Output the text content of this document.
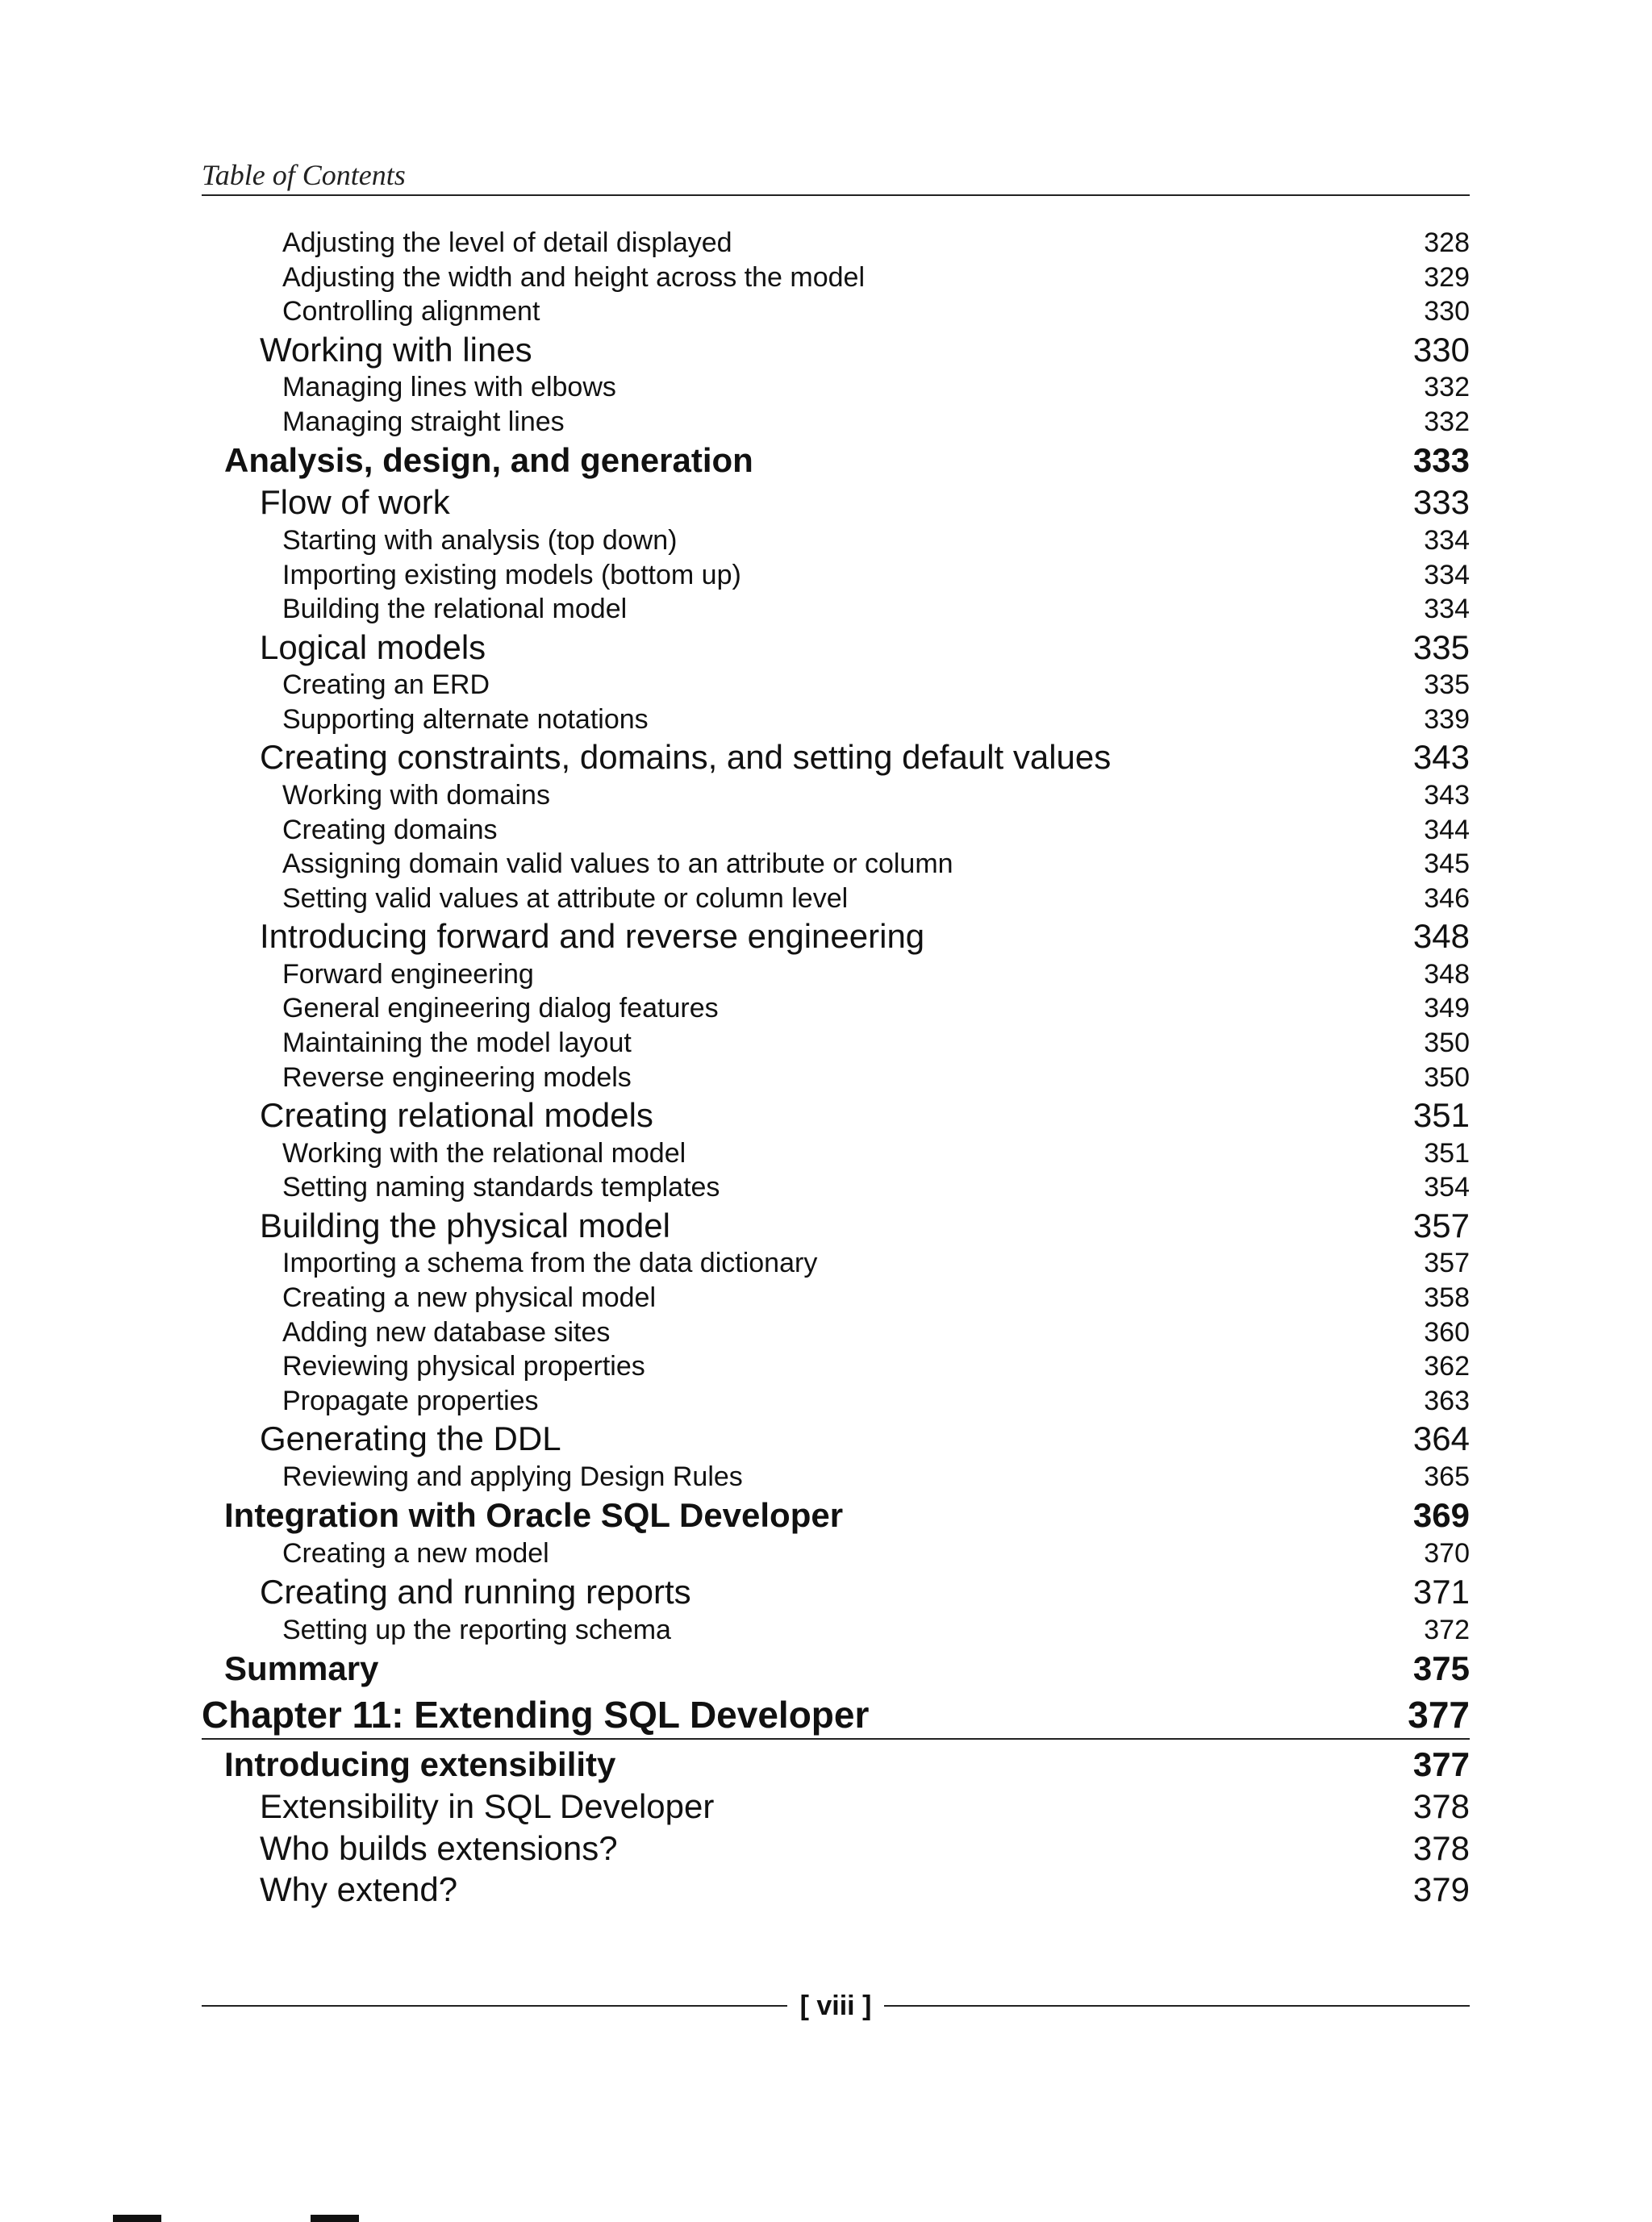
Table of Contents
Adjusting the level of detail displayed	328
Adjusting the width and height across the model	329
Controlling alignment	330
Working with lines	330
Managing lines with elbows	332
Managing straight lines	332
Analysis, design, and generation	333
Flow of work	333
Starting with analysis (top down)	334
Importing existing models (bottom up)	334
Building the relational model	334
Logical models	335
Creating an ERD	335
Supporting alternate notations	339
Creating constraints, domains, and setting default values	343
Working with domains	343
Creating domains	344
Assigning domain valid values to an attribute or column	345
Setting valid values at attribute or column level	346
Introducing forward and reverse engineering	348
Forward engineering	348
General engineering dialog features	349
Maintaining the model layout	350
Reverse engineering models	350
Creating relational models	351
Working with the relational model	351
Setting naming standards templates	354
Building the physical model	357
Importing a schema from the data dictionary	357
Creating a new physical model	358
Adding new database sites	360
Reviewing physical properties	362
Propagate properties	363
Generating the DDL	364
Reviewing and applying Design Rules	365
Integration with Oracle SQL Developer	369
Creating a new model	370
Creating and running reports	371
Setting up the reporting schema	372
Summary	375
Chapter 11: Extending SQL Developer	377
Introducing extensibility	377
Extensibility in SQL Developer	378
Who builds extensions?	378
Why extend?	379
[ viii ]
